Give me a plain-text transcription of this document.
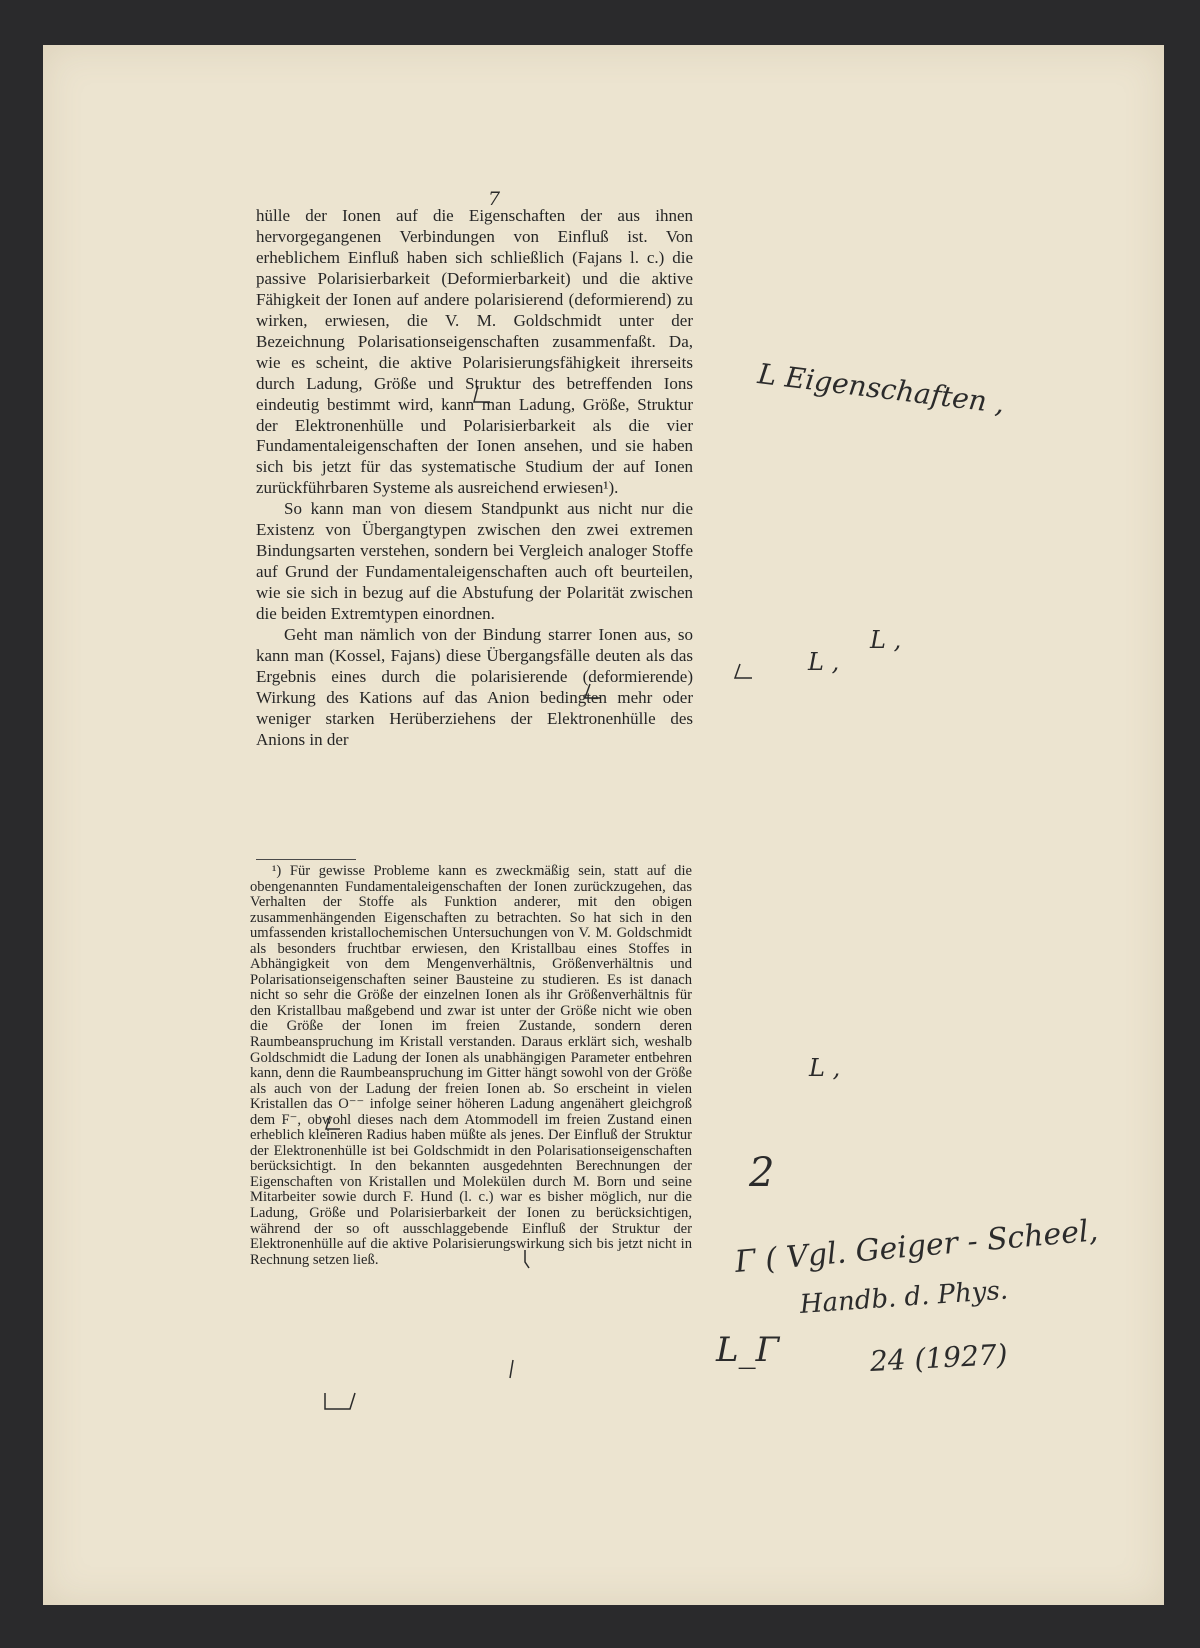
7

hülle der Ionen auf die Eigenschaften der aus ihnen hervorgegangenen Verbindungen von Einfluß ist. Von erheblichem Einfluß haben sich schließlich (Fajans l. c.) die passive Polarisierbarkeit (Deformierbarkeit) und die aktive Fähigkeit der Ionen auf andere polarisierend (deformierend) zu wirken, erwiesen, die V. M. Goldschmidt unter der Bezeichnung Polarisationseigenschaften zusammenfaßt. Da, wie es scheint, die aktive Polarisierungsfähigkeit ihrerseits durch Ladung, Größe und Struktur des betreffenden Ions eindeutig bestimmt wird, kann man Ladung, Größe, Struktur der Elektronenhülle und Polarisierbarkeit als die vier Fundamentaleigenschaften der Ionen ansehen, und sie haben sich bis jetzt für das systematische Studium der auf Ionen zurückführbaren Systeme als ausreichend erwiesen¹).

So kann man von diesem Standpunkt aus nicht nur die Existenz von Übergangtypen zwischen den zwei extremen Bindungsarten verstehen, sondern bei Vergleich analoger Stoffe auf Grund der Fundamentaleigenschaften auch oft beurteilen, wie sie sich in bezug auf die Abstufung der Polarität zwischen die beiden Extremtypen einordnen.

Geht man nämlich von der Bindung starrer Ionen aus, so kann man (Kossel, Fajans) diese Übergangsfälle deuten als das Ergebnis eines durch die polarisierende (deformierende) Wirkung des Kations auf das Anion bedingten mehr oder weniger starken Herüberziehens der Elektronenhülle des Anions in der

¹) Für gewisse Probleme kann es zweckmäßig sein, statt auf die obengenannten Fundamentaleigenschaften der Ionen zurückzugehen, das Verhalten der Stoffe als Funktion anderer, mit den obigen zusammenhängenden Eigenschaften zu betrachten. So hat sich in den umfassenden kristallochemischen Untersuchungen von V. M. Goldschmidt als besonders fruchtbar erwiesen, den Kristallbau eines Stoffes in Abhängigkeit von dem Mengenverhältnis, Größenverhältnis und Polarisationseigenschaften seiner Bausteine zu studieren. Es ist danach nicht so sehr die Größe der einzelnen Ionen als ihr Größenverhältnis für den Kristallbau maßgebend und zwar ist unter der Größe nicht wie oben die Größe der Ionen im freien Zustande, sondern deren Raumbeanspruchung im Kristall verstanden. Daraus erklärt sich, weshalb Goldschmidt die Ladung der Ionen als unabhängigen Parameter entbehren kann, denn die Raumbeanspruchung im Gitter hängt sowohl von der Größe als auch von der Ladung der freien Ionen ab. So erscheint in vielen Kristallen das O⁻⁻ infolge seiner höheren Ladung angenähert gleichgroß dem F⁻, obwohl dieses nach dem Atommodell im freien Zustand einen erheblich kleineren Radius haben müßte als jenes. Der Einfluß der Struktur der Elektronenhülle ist bei Goldschmidt in den Polarisationseigenschaften berücksichtigt. In den bekannten ausgedehnten Berechnungen der Eigenschaften von Kristallen und Molekülen durch M. Born und seine Mitarbeiter sowie durch F. Hund (l. c.) war es bisher möglich, nur die Ladung, Größe und Polarisierbarkeit der Ionen zu berücksichtigen, während der so oft ausschlaggebende Einfluß der Struktur der Elektronenhülle auf die aktive Polarisierungswirkung sich bis jetzt nicht in Rechnung setzen ließ.

L Eigenschaften ,
L ,
L ,
L ,
2
Γ ( Vgl. Geiger - Scheel,
Handb. d. Phys.
L_Γ	24 (1927)
